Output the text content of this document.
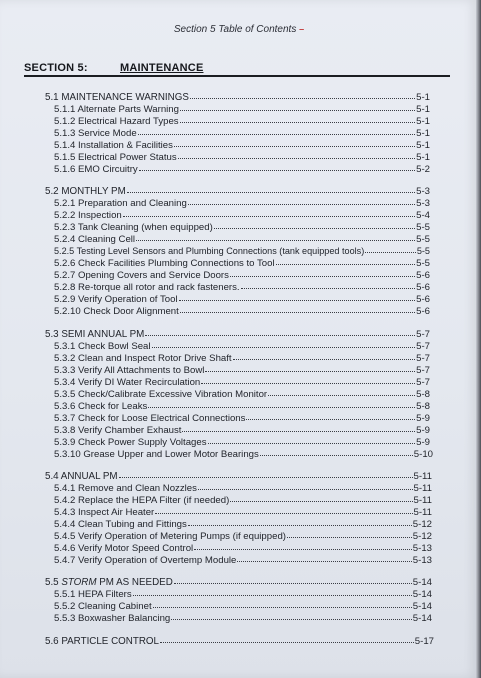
Section 5 Table of Contents –
SECTION 5:	MAINTENANCE
5.1 MAINTENANCE WARNINGS	5-1
5.1.1 Alternate Parts Warning	5-1
5.1.2 Electrical Hazard Types	5-1
5.1.3 Service Mode	5-1
5.1.4 Installation & Facilities	5-1
5.1.5 Electrical Power Status	5-1
5.1.6 EMO Circuitry	5-2
5.2 MONTHLY PM	5-3
5.2.1 Preparation and Cleaning	5-3
5.2.2 Inspection	5-4
5.2.3 Tank Cleaning (when equipped)	5-5
5.2.4 Cleaning Cell	5-5
5.2.5 Testing Level Sensors and Plumbing Connections (tank equipped tools)	5-5
5.2.6 Check Facilities Plumbing Connections to Tool	5-5
5.2.7 Opening Covers and Service Doors	5-6
5.2.8 Re-torque all rotor and rack fasteners.	5-6
5.2.9 Verify Operation of Tool	5-6
5.2.10 Check Door Alignment	5-6
5.3 SEMI ANNUAL PM	5-7
5.3.1 Check Bowl Seal	5-7
5.3.2 Clean and Inspect Rotor Drive Shaft	5-7
5.3.3 Verify All Attachments to Bowl	5-7
5.3.4 Verify DI Water Recirculation	5-7
5.3.5 Check/Calibrate Excessive Vibration Monitor	5-8
5.3.6 Check for Leaks	5-8
5.3.7 Check for Loose Electrical Connections	5-9
5.3.8 Verify Chamber Exhaust	5-9
5.3.9 Check Power Supply Voltages	5-9
5.3.10 Grease Upper and Lower Motor Bearings	5-10
5.4 ANNUAL PM	5-11
5.4.1 Remove and Clean Nozzles	5-11
5.4.2 Replace the HEPA Filter (if needed)	5-11
5.4.3 Inspect Air Heater	5-11
5.4.4 Clean Tubing and Fittings	5-12
5.4.5 Verify Operation of Metering Pumps (if equipped)	5-12
5.4.6 Verify Motor Speed Control	5-13
5.4.7 Verify Operation of Overtemp Module	5-13
5.5 STORM PM AS NEEDED	5-14
5.5.1 HEPA Filters	5-14
5.5.2 Cleaning Cabinet	5-14
5.5.3 Boxwasher Balancing	5-14
5.6 PARTICLE CONTROL	5-17
